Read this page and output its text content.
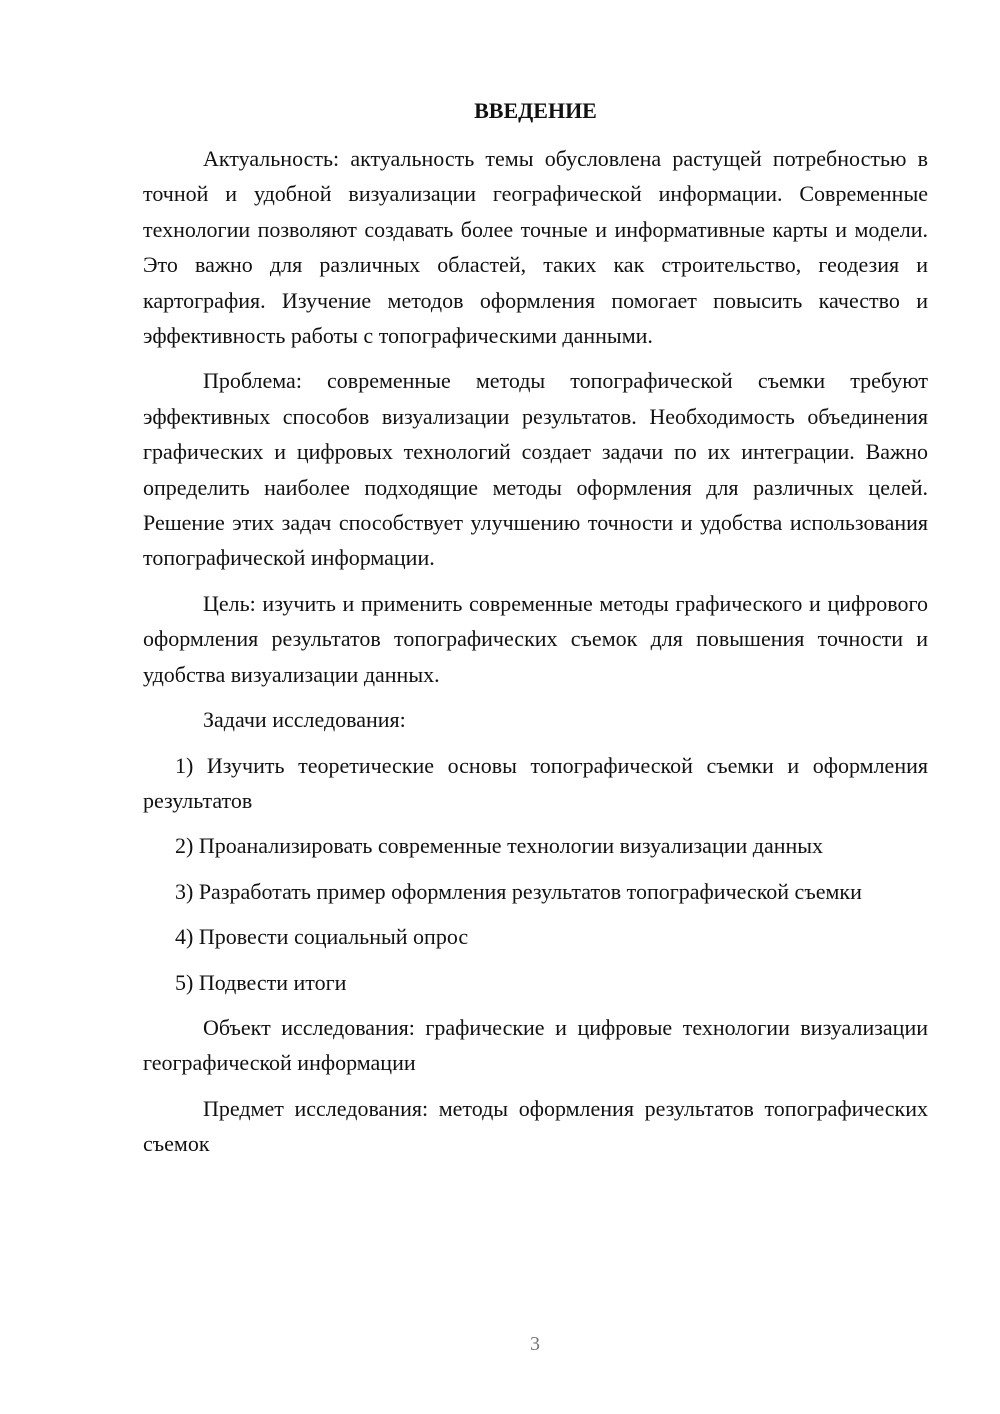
ВВЕДЕНИЕ

Актуальность: актуальность темы обусловлена растущей потребностью в точной и удобной визуализации географической информации. Современные технологии позволяют создавать более точные и информативные карты и модели. Это важно для различных областей, таких как строительство, геодезия и картография. Изучение методов оформления помогает повысить качество и эффективность работы с топографическими данными.

Проблема: современные методы топографической съемки требуют эффективных способов визуализации результатов. Необходимость объединения графических и цифровых технологий создает задачи по их интеграции. Важно определить наиболее подходящие методы оформления для различных целей. Решение этих задач способствует улучшению точности и удобства использования топографической информации.

Цель: изучить и применить современные методы графического и цифрового оформления результатов топографических съемок для повышения точности и удобства визуализации данных.

Задачи исследования:

1) Изучить теоретические основы топографической съемки и оформления результатов

2) Проанализировать современные технологии визуализации данных

3) Разработать пример оформления результатов топографической съемки

4) Провести социальный опрос

5) Подвести итоги

Объект исследования: графические и цифровые технологии визуализации географической информации

Предмет исследования: методы оформления результатов топографических съемок

3
